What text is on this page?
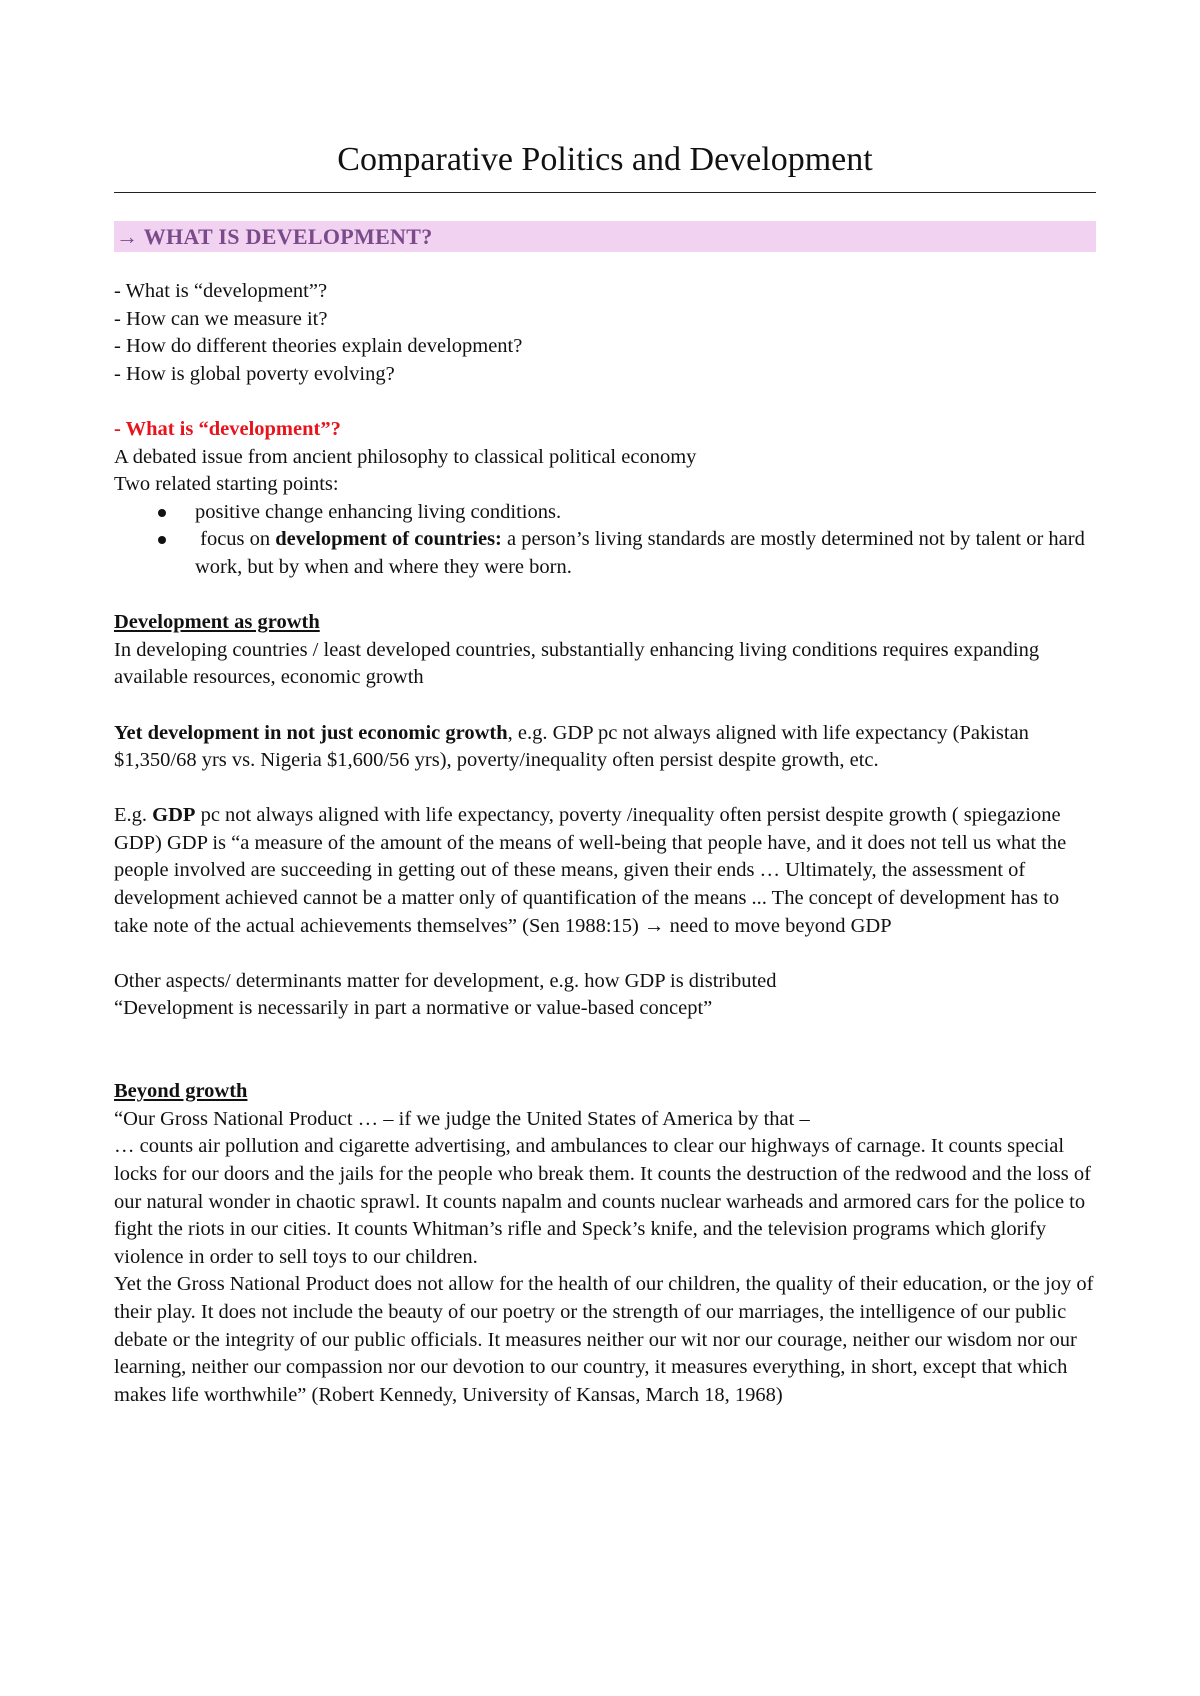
Comparative Politics and Development
→ WHAT IS DEVELOPMENT?

- What is “development”?

- How can we measure it?

- How do different theories explain development?

- How is global poverty evolving?

- What is “development”?

A debated issue from ancient philosophy to classical political economy

Two related starting points:

positive change enhancing living conditions.
focus on development of countries: a person’s living standards are mostly determined not by talent or hard work, but by when and where they were born.

Development as growth

In developing countries / least developed countries, substantially enhancing living conditions requires expanding available resources, economic growth

Yet development in not just economic growth, e.g. GDP pc not always aligned with life expectancy (Pakistan $1,350/68 yrs vs. Nigeria $1,600/56 yrs), poverty/inequality often persist despite growth, etc.

E.g. GDP pc not always aligned with life expectancy, poverty /inequality often persist despite growth ( spiegazione GDP) GDP is “a measure of the amount of the means of well-being that people have, and it does not tell us what the people involved are succeeding in getting out of these means, given their ends … Ultimately, the assessment of development achieved cannot be a matter only of quantification of the means ... The concept of development has to take note of the actual achievements themselves” (Sen 1988:15) → need to move beyond GDP

Other aspects/ determinants matter for development, e.g. how GDP is distributed

“Development is necessarily in part a normative or value-based concept”

Beyond growth

“Our Gross National Product … – if we judge the United States of America by that –

… counts air pollution and cigarette advertising, and ambulances to clear our highways of carnage. It counts special locks for our doors and the jails for the people who break them. It counts the destruction of the redwood and the loss of our natural wonder in chaotic sprawl. It counts napalm and counts nuclear warheads and armored cars for the police to fight the riots in our cities. It counts Whitman’s rifle and Speck’s knife, and the television programs which glorify violence in order to sell toys to our children.

Yet the Gross National Product does not allow for the health of our children, the quality of their education, or the joy of their play. It does not include the beauty of our poetry or the strength of our marriages, the intelligence of our public debate or the integrity of our public officials. It measures neither our wit nor our courage, neither our wisdom nor our learning, neither our compassion nor our devotion to our country, it measures everything, in short, except that which makes life worthwhile” (Robert Kennedy, University of Kansas, March 18, 1968)
